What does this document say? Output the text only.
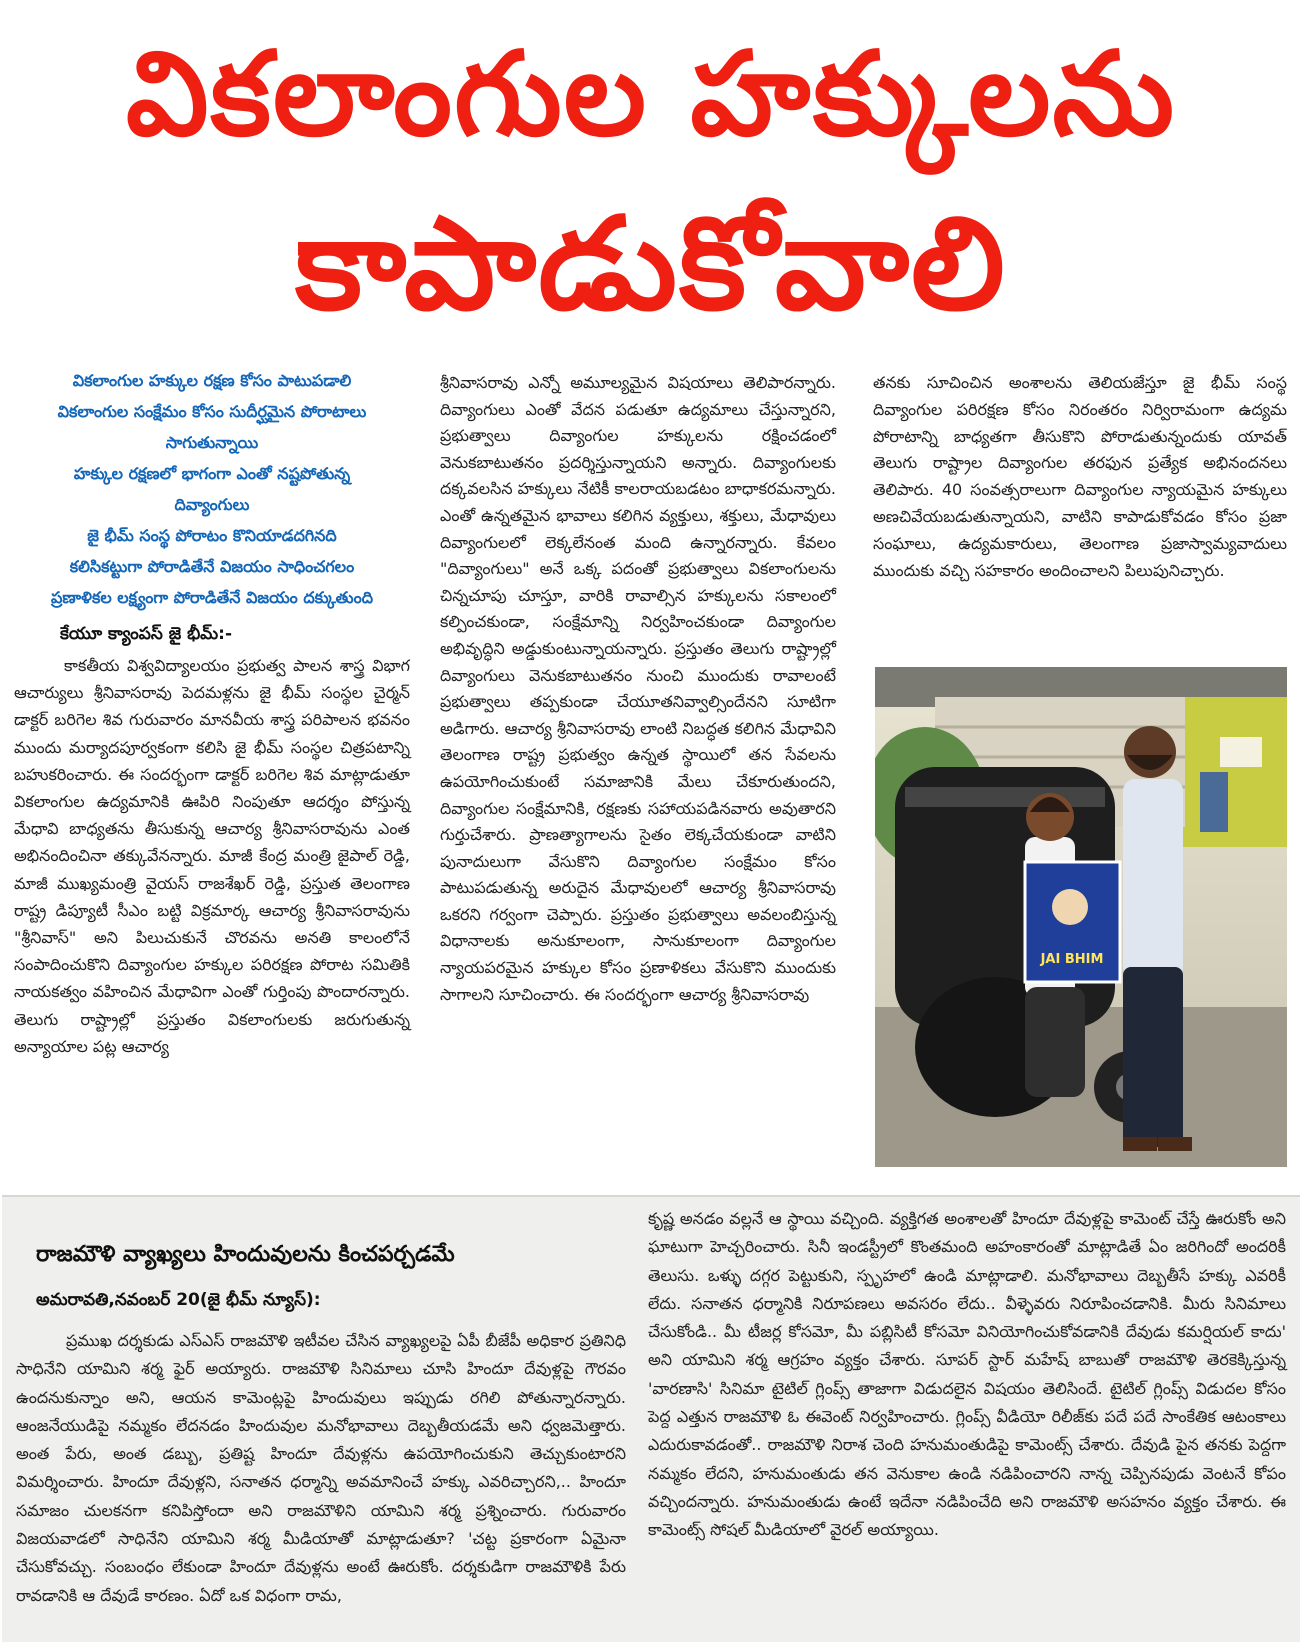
వికలాంగుల హక్కులను
కాపాడుకోవాలి
వికలాంగుల హక్కుల రక్షణ కోసం పాటుపడాలి
వికలాంగుల సంక్షేమం కోసం సుదీర్ఘమైన పోరాటాలు
సాగుతున్నాయి
హక్కుల రక్షణలో భాగంగా ఎంతో నష్టపోతున్న
దివ్యాంగులు
జై భీమ్ సంస్థ పోరాటం కొనియాడదగినది
కలిసికట్టుగా పోరాడితేనే విజయం సాధించగలం
ప్రణాళికల లక్ష్యంగా పోరాడితేనే విజయం దక్కుతుంది
కేయూ క్యాంపస్ జై భీమ్:-

కాకతీయ విశ్వవిద్యాలయం ప్రభుత్వ పాలన శాస్త్ర విభాగ ఆచార్యులు శ్రీనివాసరావు పెదమళ్లను జై భీమ్ సంస్థల చైర్మన్ డాక్టర్ బరిగెల శివ గురువారం మానవీయ శాస్త్ర పరిపాలన భవనం ముందు మర్యాదపూర్వకంగా కలిసి జై భీమ్ సంస్థల చిత్రపటాన్ని బహుకరించారు. ఈ సందర్భంగా డాక్టర్ బరిగెల శివ మాట్లాడుతూ వికలాంగుల ఉద్యమానికి ఊపిరి నింపుతూ ఆదర్శం పోస్తున్న మేధావి బాధ్యతను తీసుకున్న ఆచార్య శ్రీనివాసరావును ఎంత అభినందించినా తక్కువేనన్నారు. మాజీ కేంద్ర మంత్రి జైపాల్ రెడ్డి, మాజీ ముఖ్యమంత్రి వైయస్ రాజశేఖర్ రెడ్డి, ప్రస్తుత తెలంగాణ రాష్ట్ర డిప్యూటీ సీఎం బట్టి విక్రమార్క ఆచార్య శ్రీనివాసరావును "శ్రీనివాస్" అని పిలుచుకునే చొరవను అనతి కాలంలోనే సంపాదించుకొని దివ్యాంగుల హక్కుల పరిరక్షణ పోరాట సమితికి నాయకత్వం వహించిన మేధావిగా ఎంతో గుర్తింపు పొందారన్నారు. తెలుగు రాష్ట్రాల్లో ప్రస్తుతం వికలాంగులకు జరుగుతున్న అన్యాయాల పట్ల ఆచార్య

శ్రీనివాసరావు ఎన్నో అమూల్యమైన విషయాలు తెలిపారన్నారు. దివ్యాంగులు ఎంతో వేదన పడుతూ ఉద్యమాలు చేస్తున్నారని, ప్రభుత్వాలు దివ్యాంగుల హక్కులను రక్షించడంలో వెనుకబాటుతనం ప్రదర్శిస్తున్నాయని అన్నారు. దివ్యాంగులకు దక్కవలసిన హక్కులు నేటికీ కాలరాయబడటం బాధాకరమన్నారు. ఎంతో ఉన్నతమైన భావాలు కలిగిన వ్యక్తులు, శక్తులు, మేధావులు దివ్యాంగులలో లెక్కలేనంత మంది ఉన్నారన్నారు. కేవలం "దివ్యాంగులు" అనే ఒక్క పదంతో ప్రభుత్వాలు వికలాంగులను చిన్నచూపు చూస్తూ, వారికి రావాల్సిన హక్కులను సకాలంలో కల్పించకుండా, సంక్షేమాన్ని నిర్వహించకుండా దివ్యాంగుల అభివృద్ధిని అడ్డుకుంటున్నాయన్నారు. ప్రస్తుతం తెలుగు రాష్ట్రాల్లో దివ్యాంగులు వెనుకబాటుతనం నుంచి ముందుకు రావాలంటే ప్రభుత్వాలు తప్పకుండా చేయూతనివ్వాల్సిందేనని సూటిగా అడిగారు. ఆచార్య శ్రీనివాసరావు లాంటి నిబద్ధత కలిగిన మేధావిని తెలంగాణ రాష్ట్ర ప్రభుత్వం ఉన్నత స్థాయిలో తన సేవలను ఉపయోగించుకుంటే సమాజానికి మేలు చేకూరుతుందని, దివ్యాంగుల సంక్షేమానికి, రక్షణకు సహాయపడినవారు అవుతారని గుర్తుచేశారు. ప్రాణత్యాగాలను సైతం లెక్కచేయకుండా వాటిని పునాదులుగా వేసుకొని దివ్యాంగుల సంక్షేమం కోసం పాటుపడుతున్న అరుదైన మేధావులలో ఆచార్య శ్రీనివాసరావు ఒకరని గర్వంగా చెప్పారు. ప్రస్తుతం ప్రభుత్వాలు అవలంబిస్తున్న విధానాలకు అనుకూలంగా, సానుకూలంగా దివ్యాంగుల న్యాయపరమైన హక్కుల కోసం ప్రణాళికలు వేసుకొని ముందుకు సాగాలని సూచించారు. ఈ సందర్భంగా ఆచార్య శ్రీనివాసరావు

తనకు సూచించిన అంశాలను తెలియజేస్తూ జై భీమ్ సంస్థ దివ్యాంగుల పరిరక్షణ కోసం నిరంతరం నిర్విరామంగా ఉద్యమ పోరాటాన్ని బాధ్యతగా తీసుకొని పోరాడుతున్నందుకు యావత్ తెలుగు రాష్ట్రాల దివ్యాంగుల తరఫున ప్రత్యేక అభినందనలు తెలిపారు. 40 సంవత్సరాలుగా దివ్యాంగుల న్యాయమైన హక్కులు అణచివేయబడుతున్నాయని, వాటిని కాపాడుకోవడం కోసం ప్రజా సంఘాలు, ఉద్యమకారులు, తెలంగాణ ప్రజాస్వామ్యవాదులు ముందుకు వచ్చి సహకారం అందించాలని పిలుపునిచ్చారు.

JAI BHIM
రాజమౌళి వ్యాఖ్యలు హిందువులను కించపర్చడమే
అమరావతి,నవంబర్ 20(జై భీమ్ న్యూస్):

ప్రముఖ దర్శకుడు ఎస్ఎస్ రాజమౌళి ఇటీవల చేసిన వ్యాఖ్యలపై ఏపీ బీజేపీ అధికార ప్రతినిధి సాధినేని యామిని శర్మ ఫైర్ అయ్యారు. రాజమౌళి సినిమాలు చూసి హిందూ దేవుళ్లపై గౌరవం ఉందనుకున్నాం అని, ఆయన కామెంట్లపై హిందువులు ఇప్పుడు రగిలి పోతున్నారన్నారు. ఆంజనేయుడిపై నమ్మకం లేదనడం హిందువుల మనోభావాలు దెబ్బతీయడమే అని ధ్వజమెత్తారు. అంత పేరు, అంత డబ్బు, ప్రతిష్ట హిందూ దేవుళ్లను ఉపయోగించుకుని తెచ్చుకుంటారని విమర్శించారు. హిందూ దేవుళ్లని, సనాతన ధర్మాన్ని అవమానించే హక్కు ఎవరిచ్చారని,.. హిందూ సమాజం చులకనగా కనిపిస్తోందా అని రాజమౌళిని యామిని శర్మ ప్రశ్నించారు. గురువారం విజయవాడలో సాధినేని యామిని శర్మ మీడియాతో మాట్లాడుతూ? 'చట్ట ప్రకారంగా ఏమైనా చేసుకోవచ్చు. సంబంధం లేకుండా హిందూ దేవుళ్లను అంటే ఊరుకోం. దర్శకుడిగా రాజమౌళికి పేరు రావడానికి ఆ దేవుడే కారణం. ఏదో ఒక విధంగా రామ,

కృష్ణ అనడం వల్లనే ఆ స్థాయి వచ్చింది. వ్యక్తిగత అంశాలతో హిందూ దేవుళ్లపై కామెంట్ చేస్తే ఊరుకోం అని ఘాటుగా హెచ్చరించారు. సినీ ఇండస్ట్రీలో కొంతమంది అహంకారంతో మాట్లాడితే ఏం జరిగిందో అందరికీ తెలుసు. ఒళ్ళు దగ్గర పెట్టుకుని, స్పృహలో ఉండి మాట్లాడాలి. మనోభావాలు దెబ్బతీసే హక్కు ఎవరికీ లేదు. సనాతన ధర్మానికి నిరూపణలు అవసరం లేదు.. వీళ్ళెవరు నిరూపించడానికి. మీరు సినిమాలు చేసుకోండి.. మీ టీజర్ల కోసమో, మీ పబ్లిసిటీ కోసమో వినియోగించుకోవడానికి దేవుడు కమర్షియల్ కాదు' అని యామిని శర్మ ఆగ్రహం వ్యక్తం చేశారు. సూపర్ స్టార్ మహేష్ బాబుతో రాజమౌళి తెరకెక్కిస్తున్న 'వారణాసి' సినిమా టైటిల్ గ్లింప్స్ తాజాగా విడుదలైన విషయం తెలిసిందే. టైటిల్ గ్లింప్స్ విడుదల కోసం పెద్ద ఎత్తున రాజమౌళి ఓ ఈవెంట్ నిర్వహించారు. గ్లింప్స్ వీడియో రిలీజ్‌కు పదే పదే సాంకేతిక ఆటంకాలు ఎదురుకావడంతో.. రాజమౌళి నిరాశ చెంది హనుమంతుడిపై కామెంట్స్ చేశారు. దేవుడి పైన తనకు పెద్దగా నమ్మకం లేదని, హనుమంతుడు తన వెనుకాల ఉండి నడిపించారని నాన్న చెప్పినపుడు వెంటనే కోపం వచ్చిందన్నారు. హనుమంతుడు ఉంటే ఇదేనా నడిపించేది అని రాజమౌళి అసహనం వ్యక్తం చేశారు. ఈ కామెంట్స్ సోషల్ మీడియాలో వైరల్ అయ్యాయి.
